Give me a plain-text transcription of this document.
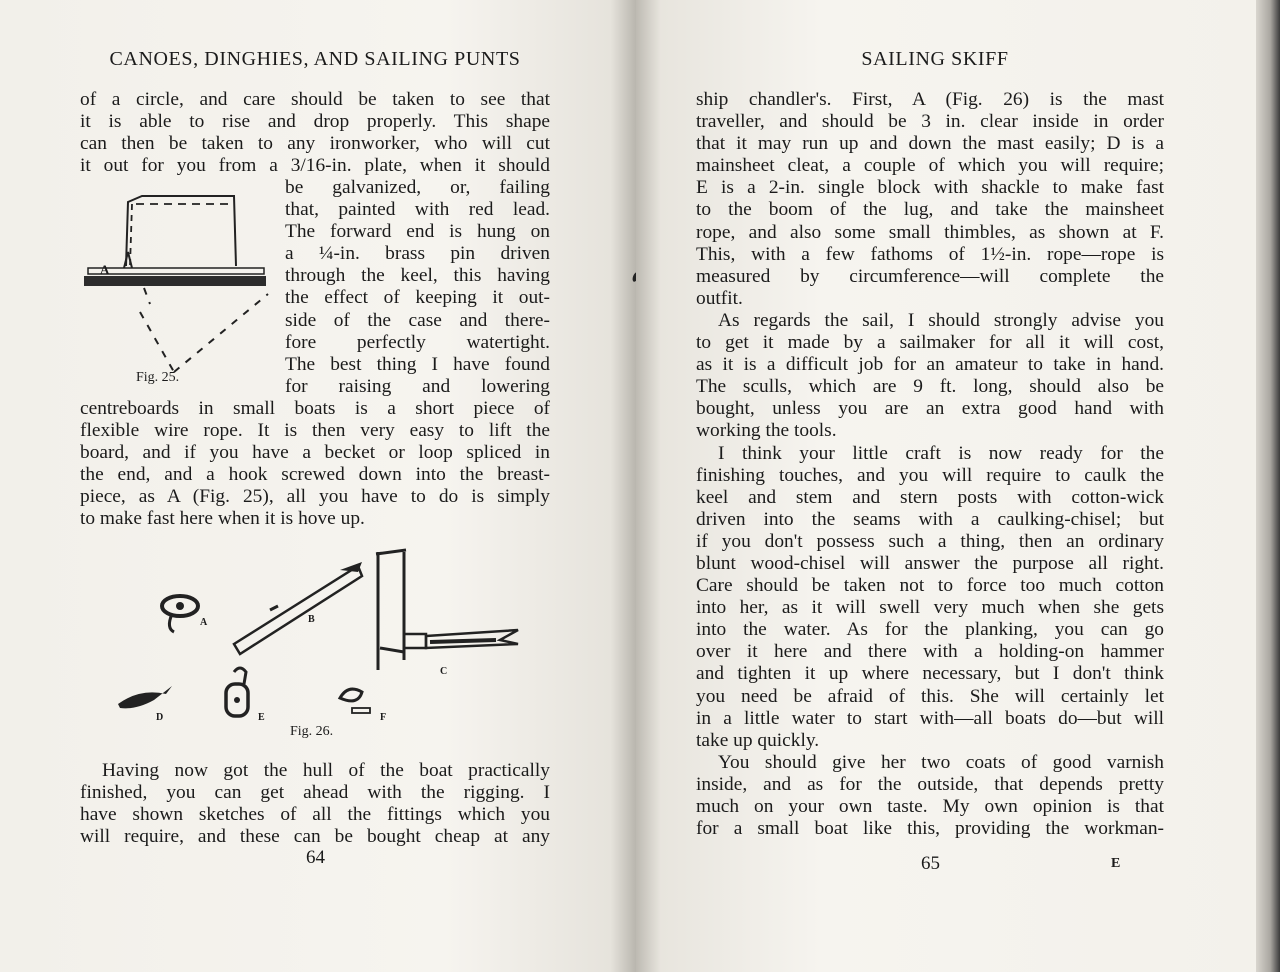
CANOES, DINGHIES, AND SAILING PUNTS
of a circle, and care should be taken to see that
it is able to rise and drop properly. This shape
can then be taken to any ironworker, who will cut
it out for you from a 3/16-in. plate, when it should
A
Fig. 25.
be galvanized, or, failing
that, painted with red lead.
The forward end is hung on
a ¼-in. brass pin driven
through the keel, this having
the effect of keeping it out-
side of the case and there-
fore perfectly watertight.
The best thing I have found
for raising and lowering
centreboards in small boats is a short piece of
flexible wire rope. It is then very easy to lift the
board, and if you have a becket or loop spliced in
the end, and a hook screwed down into the breast-
piece, as A (Fig. 25), all you have to do is simply
to make fast here when it is hove up.
A	B
C
D	E	F
Fig. 26.
Having now got the hull of the boat practically
finished, you can get ahead with the rigging. I
have shown sketches of all the fittings which you
will require, and these can be bought cheap at any
64
SAILING SKIFF
ship chandler's. First, A (Fig. 26) is the mast
traveller, and should be 3 in. clear inside in order
that it may run up and down the mast easily; D is a
mainsheet cleat, a couple of which you will require;
E is a 2-in. single block with shackle to make fast
to the boom of the lug, and take the mainsheet
rope, and also some small thimbles, as shown at F.
This, with a few fathoms of 1½-in. rope—rope is
measured by circumference—will complete the
outfit.
As regards the sail, I should strongly advise you
to get it made by a sailmaker for all it will cost,
as it is a difficult job for an amateur to take in hand.
The sculls, which are 9 ft. long, should also be
bought, unless you are an extra good hand with
working the tools.
I think your little craft is now ready for the
finishing touches, and you will require to caulk the
keel and stem and stern posts with cotton-wick
driven into the seams with a caulking-chisel; but
if you don't possess such a thing, then an ordinary
blunt wood-chisel will answer the purpose all right.
Care should be taken not to force too much cotton
into her, as it will swell very much when she gets
into the water. As for the planking, you can go
over it here and there with a holding-on hammer
and tighten it up where necessary, but I don't think
you need be afraid of this. She will certainly let
in a little water to start with—all boats do—but will
take up quickly.
You should give her two coats of good varnish
inside, and as for the outside, that depends pretty
much on your own taste. My own opinion is that
for a small boat like this, providing the workman-
65	E
